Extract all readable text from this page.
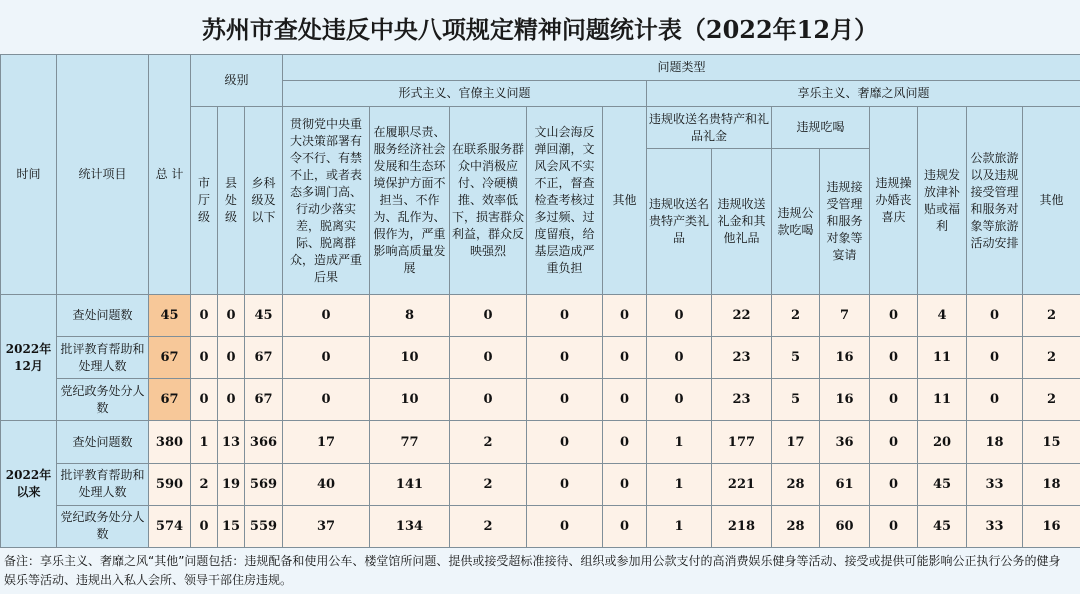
苏州市查处违反中央八项规定精神问题统计表（2022年12月）
时间	统计项目	总 计	级别			问题类型												
						形式主义、官僚主义问题					享乐主义、奢靡之风问题							
			市厅级	县处级	乡科级及以下	贯彻党中央重大决策部署有令不行、有禁不止，或者表态多调门高、行动少落实差，脱离实际、脱离群众，造成严重后果	在履职尽责、服务经济社会发展和生态环境保护方面不担当、不作为、乱作为、假作为，严重影响高质量发展	在联系服务群众中消极应付、冷硬横推、效率低下，损害群众利益，群众反映强烈	文山会海反弹回潮，文风会风不实不正，督查检查考核过多过频、过度留痕，给基层造成严重负担	其他	违规收送名贵特产和礼品礼金		违规吃喝		违规操办婚丧喜庆	违规发放津补贴或福利	公款旅游以及违规接受管理和服务对象等旅游活动安排	其他
											违规收送名贵特产类礼品	违规收送礼金和其他礼品	违规公款吃喝	违规接受管理和服务对象等宴请				
2022年12月	查处问题数	45	0	0	45	0	8	0	0	0	0	22	2	7	0	4	0	2
	批评教育帮助和处理人数	67	0	0	67	0	10	0	0	0	0	23	5	16	0	11	0	2
	党纪政务处分人数	67	0	0	67	0	10	0	0	0	0	23	5	16	0	11	0	2
2022年以来	查处问题数	380	1	13	366	17	77	2	0	0	1	177	17	36	0	20	18	15
	批评教育帮助和处理人数	590	2	19	569	40	141	2	0	0	1	221	28	61	0	45	33	18
	党纪政务处分人数	574	0	15	559	37	134	2	0	0	1	218	28	60	0	45	33	16
备注：享乐主义、奢靡之风“其他”问题包括：违规配备和使用公车、楼堂馆所问题、提供或接受超标准接待、组织或参加用公款支付的高消费娱乐健身等活动、接受或提供可能影响公正执行公务的健身娱乐等活动、违规出入私人会所、领导干部住房违规。
